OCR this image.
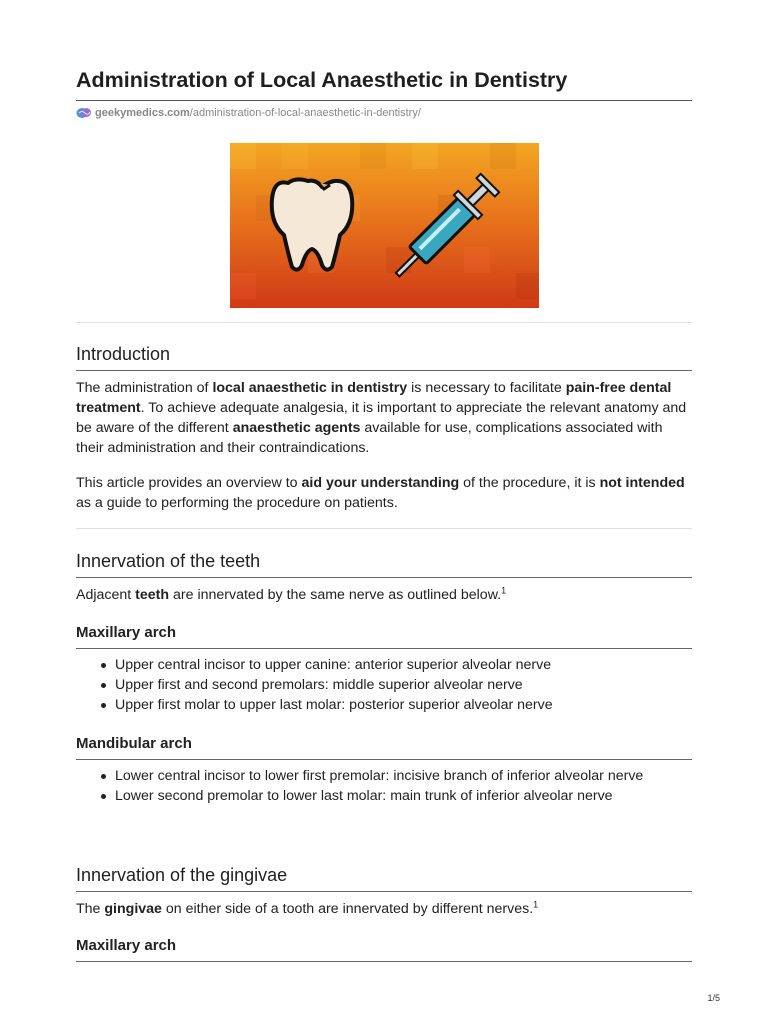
Administration of Local Anaesthetic in Dentistry
geekymedics.com /administration-of-local-anaesthetic-in-dentistry/
Introduction

The administration of local anaesthetic in dentistry is necessary to facilitate pain-free dental treatment. To achieve adequate analgesia, it is important to appreciate the relevant anatomy and be aware of the different anaesthetic agents available for use, complications associated with their administration and their contraindications.

This article provides an overview to aid your understanding of the procedure, it is not intended as a guide to performing the procedure on patients.

Innervation of the teeth

Adjacent teeth are innervated by the same nerve as outlined below.$^1$

Maxillary arch
Upper central incisor to upper canine: anterior superior alveolar nerve
Upper first and second premolars: middle superior alveolar nerve
Upper first molar to upper last molar: posterior superior alveolar nerve
Mandibular arch
Lower central incisor to lower first premolar: incisive branch of inferior alveolar nerve
Lower second premolar to lower last molar: main trunk of inferior alveolar nerve
Innervation of the gingivae

The gingivae on either side of a tooth are innervated by different nerves.$^1$

Maxillary arch
1/5
